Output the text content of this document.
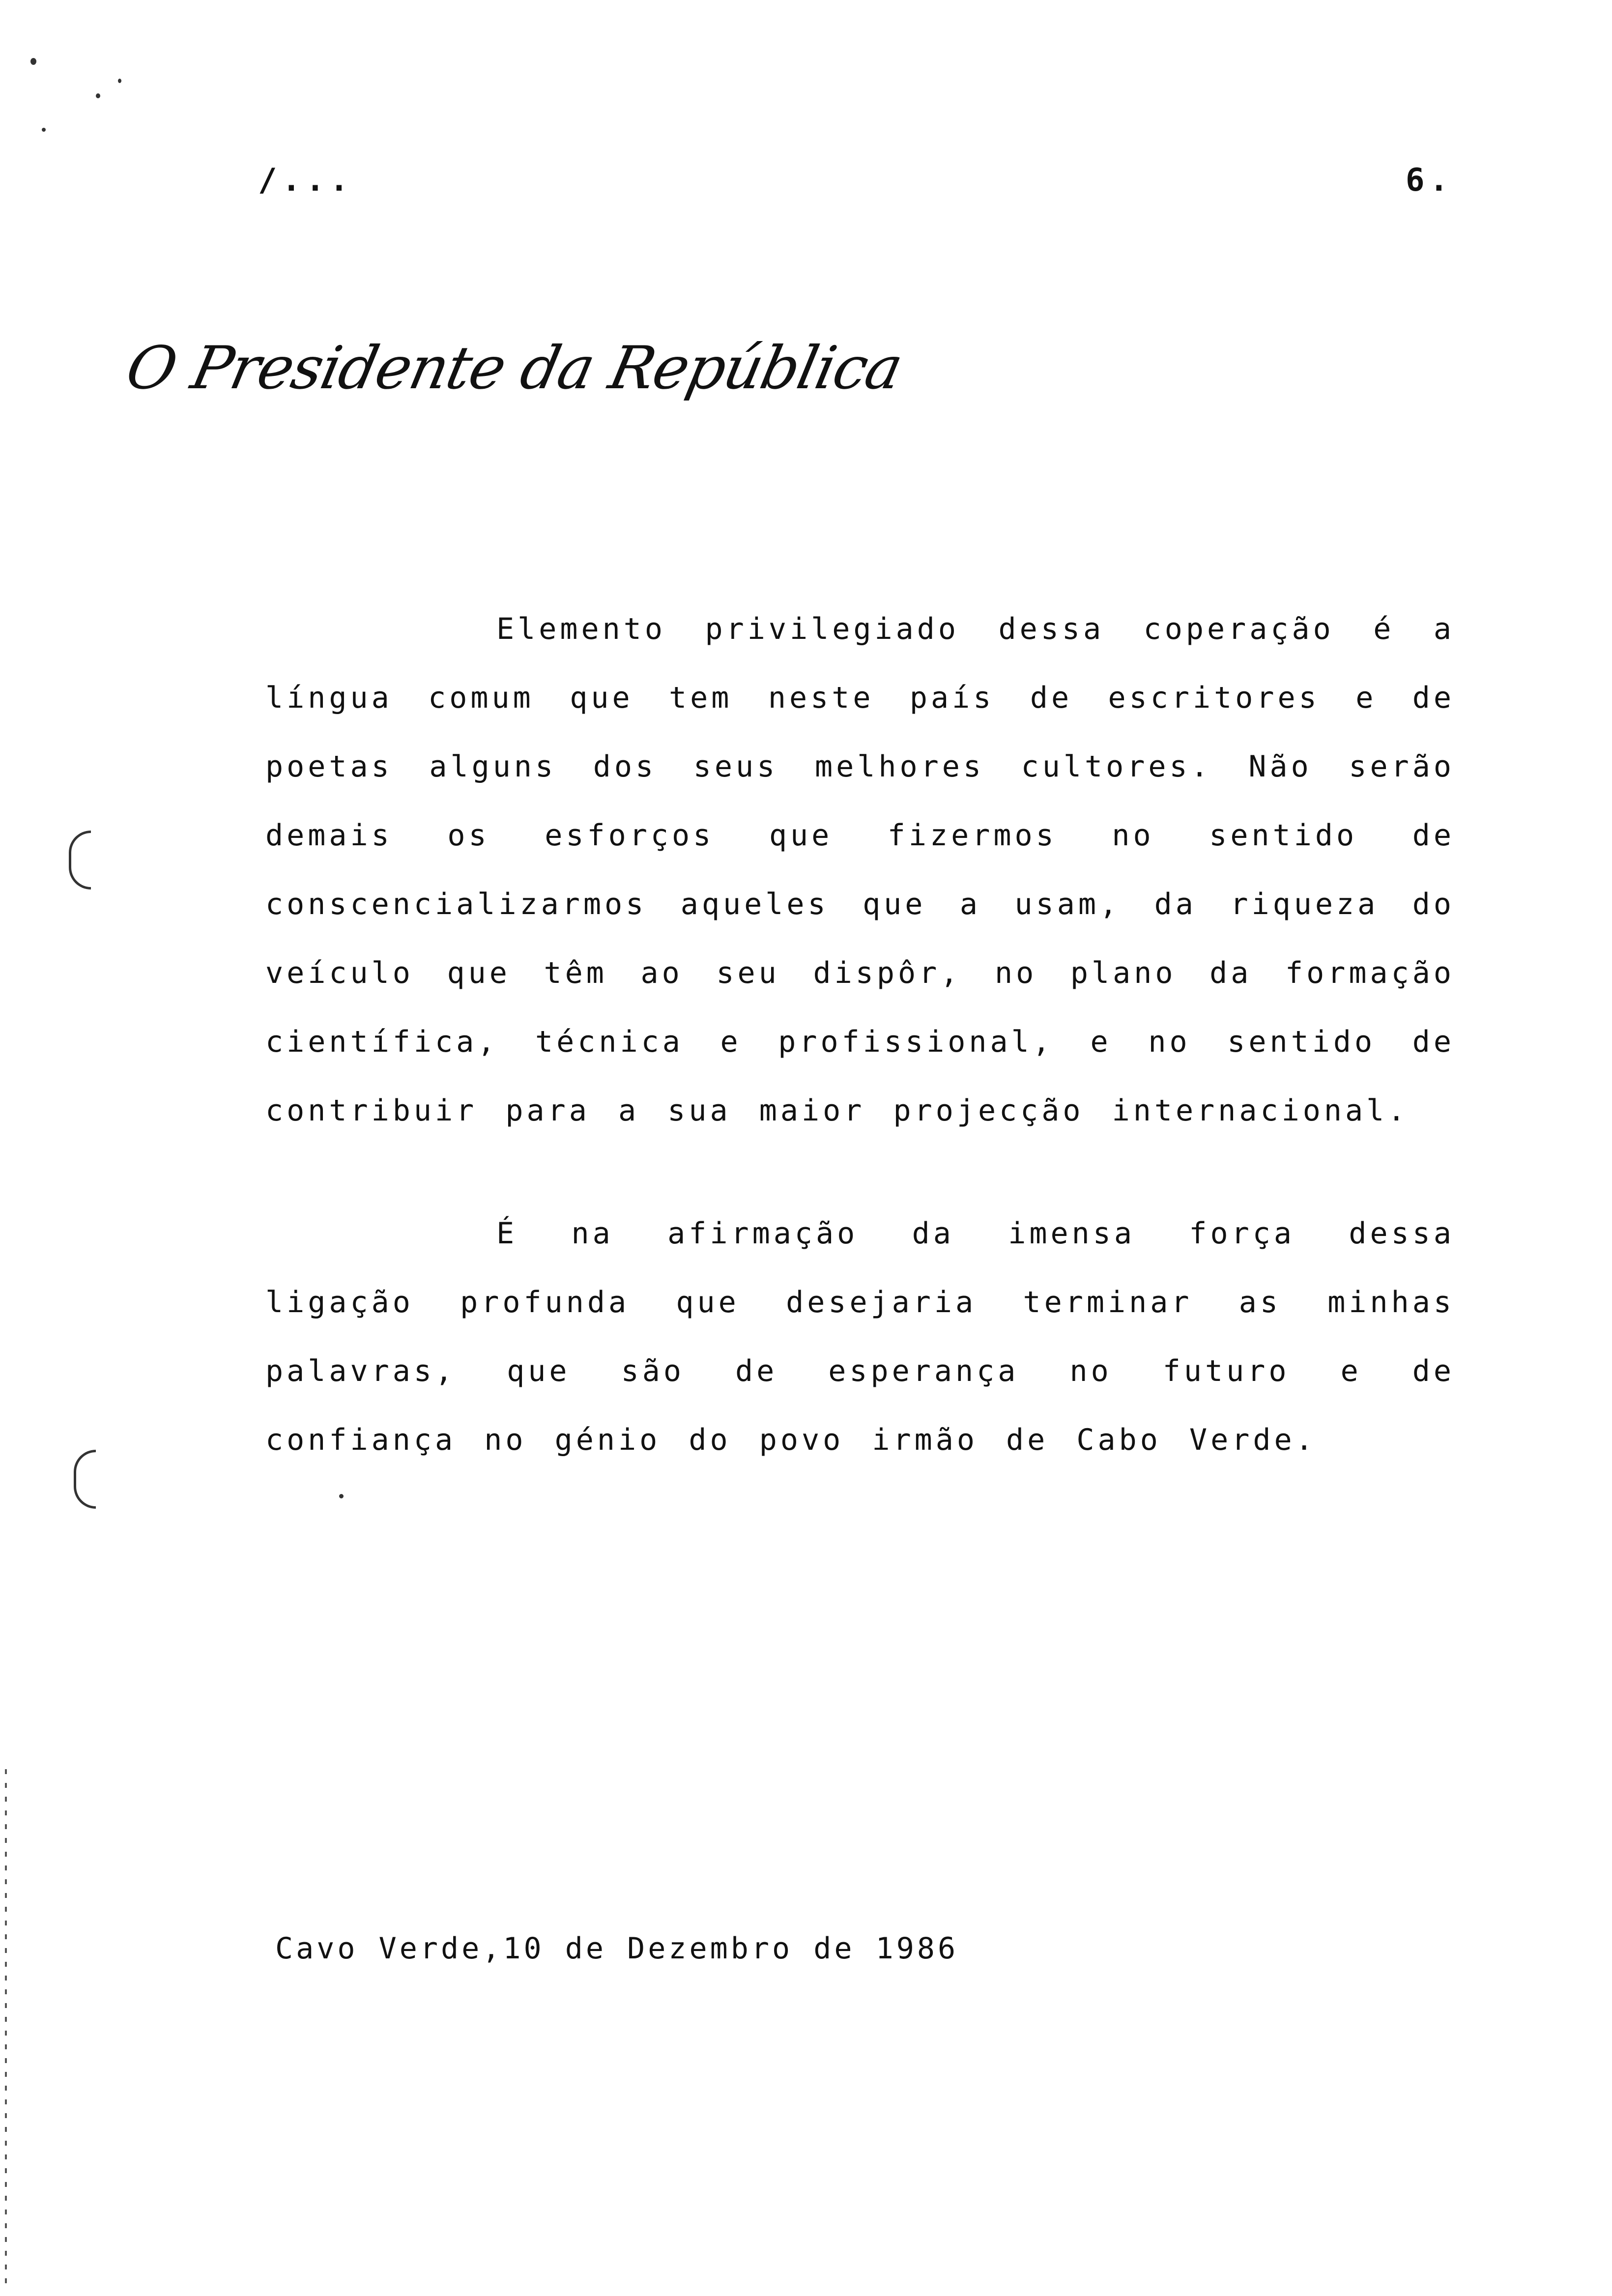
/...	6.
O Presidente da República

Elemento privilegiado dessa coperação é a língua comum que tem neste país de escritores e de poetas alguns dos seus melhores cultores. Não serão demais os esforços que fizermos no sentido de conscencializarmos aqueles que a usam, da riqueza do veículo que têm ao seu dispôr, no plano da formação científica, técnica e profissional, e no sentido de contribuir para a sua maior projecção internacional.

É na afirmação da imensa força dessa ligação profunda que desejaria terminar as minhas palavras, que são de esperança no futuro e de confiança no génio do povo irmão de Cabo Verde.

Cavo Verde,10 de Dezembro de 1986
